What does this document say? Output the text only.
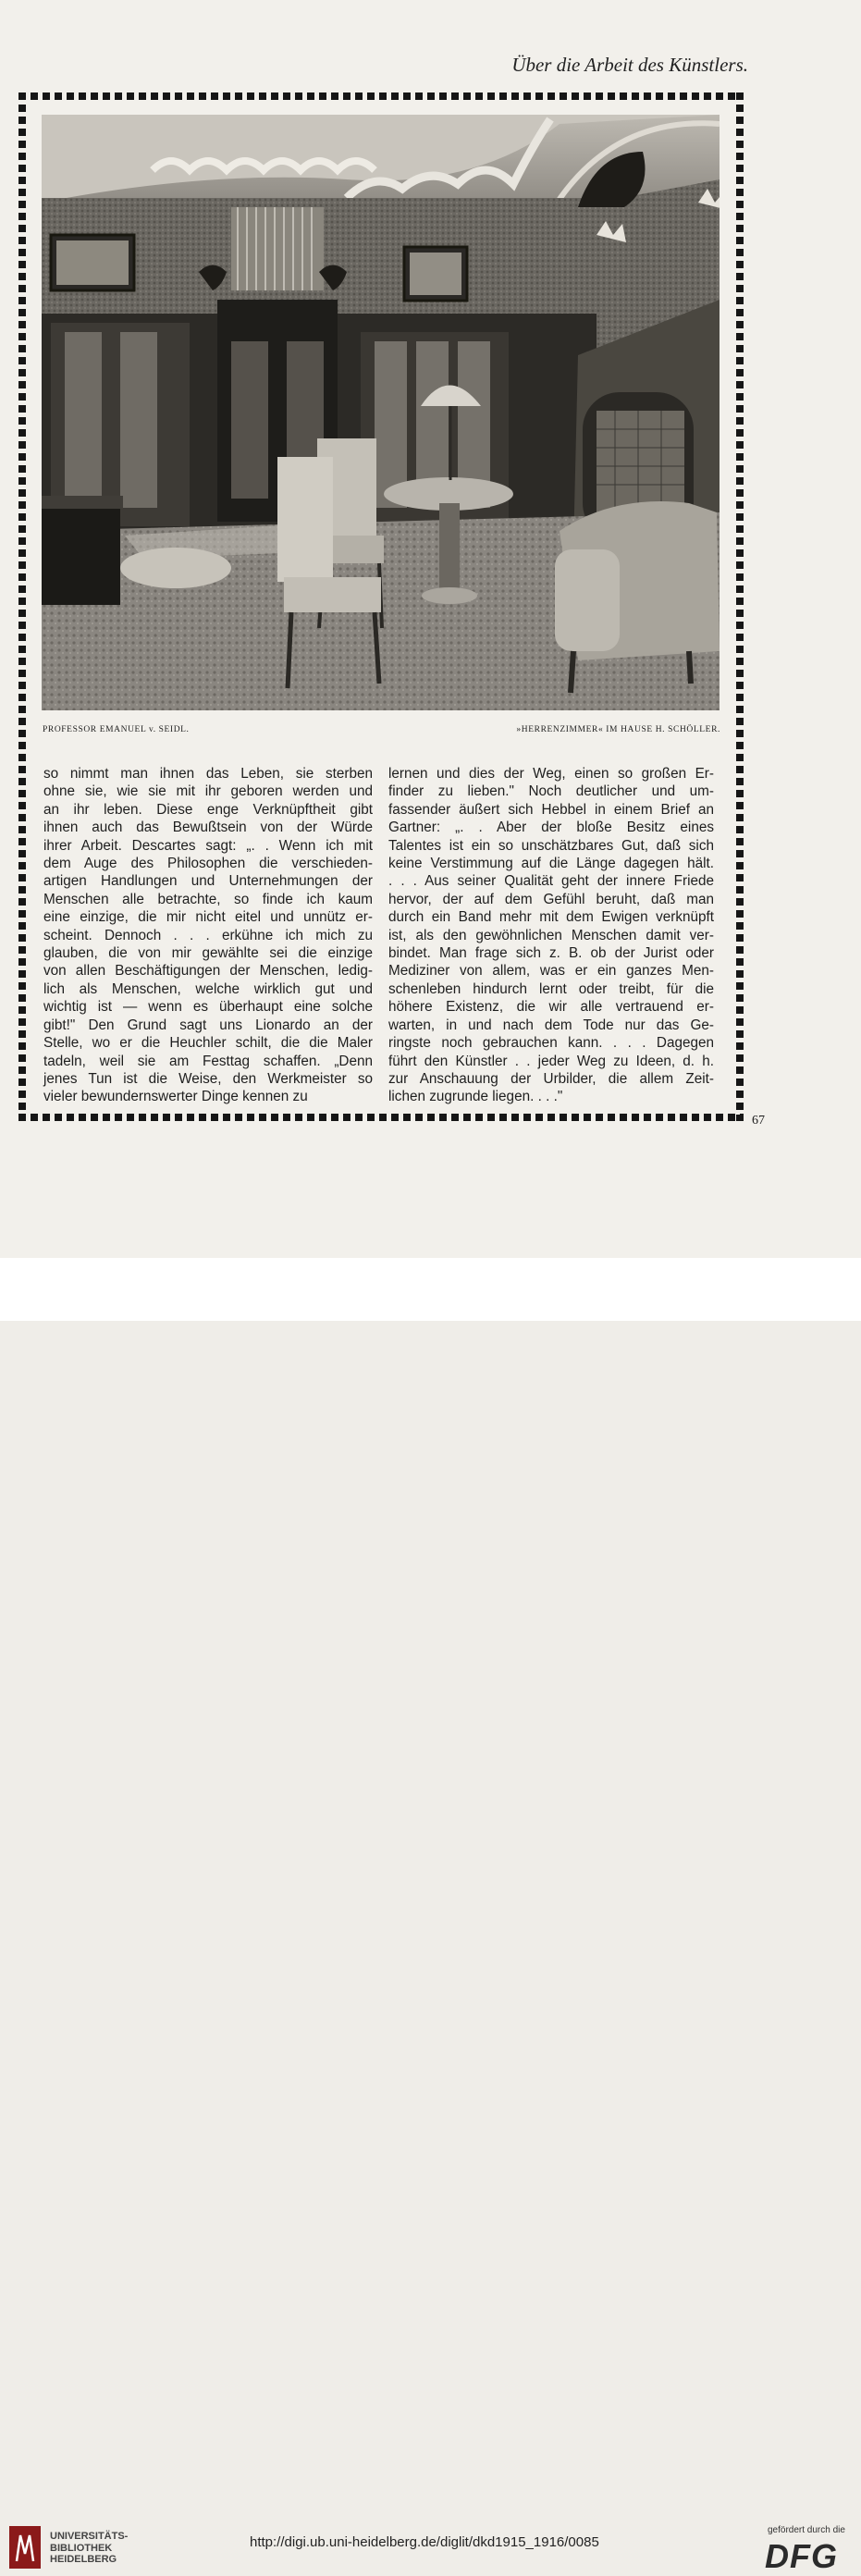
Über die Arbeit des Künstlers.
PROFESSOR EMANUEL v. SEIDL.	»HERRENZIMMER« IM HAUSE H. SCHÖLLER.
so nimmt man ihnen das Leben, sie sterben
ohne sie, wie sie mit ihr geboren werden und
an ihr leben. Diese enge Verknüpftheit gibt
ihnen auch das Bewußtsein von der Würde
ihrer Arbeit. Descartes sagt: „. . Wenn ich mit
dem Auge des Philosophen die verschieden-
artigen Handlungen und Unternehmungen der
Menschen alle betrachte, so finde ich kaum
eine einzige, die mir nicht eitel und unnütz er-
scheint. Dennoch . . . erkühne ich mich zu
glauben, die von mir gewählte sei die einzige
von allen Beschäftigungen der Menschen, ledig-
lich als Menschen, welche wirklich gut und
wichtig ist — wenn es überhaupt eine solche
gibt!" Den Grund sagt uns Lionardo an der
Stelle, wo er die Heuchler schilt, die die Maler
tadeln, weil sie am Festtag schaffen. „Denn
jenes Tun ist die Weise, den Werkmeister so
vieler bewundernswerter Dinge kennen zu
lernen und dies der Weg, einen so großen Er-
finder zu lieben." Noch deutlicher und um-
fassender äußert sich Hebbel in einem Brief an
Gartner: „. . Aber der bloße Besitz eines
Talentes ist ein so unschätzbares Gut, daß sich
keine Verstimmung auf die Länge dagegen hält.
. . . Aus seiner Qualität geht der innere Friede
hervor, der auf dem Gefühl beruht, daß man
durch ein Band mehr mit dem Ewigen verknüpft
ist, als den gewöhnlichen Menschen damit ver-
bindet. Man frage sich z. B. ob der Jurist oder
Mediziner von allem, was er ein ganzes Men-
schenleben hindurch lernt oder treibt, für die
höhere Existenz, die wir alle vertrauend er-
warten, in und nach dem Tode nur das Ge-
ringste noch gebrauchen kann. . . . Dagegen
führt den Künstler . . jeder Weg zu Ideen, d. h.
zur Anschauung der Urbilder, die allem Zeit-
lichen zugrunde liegen. . . ."
67
UNIVERSITÄTS-
BIBLIOTHEK
HEIDELBERG
http://digi.ub.uni-heidelberg.de/diglit/dkd1915_1916/0085
gefördert durch die
DFG
